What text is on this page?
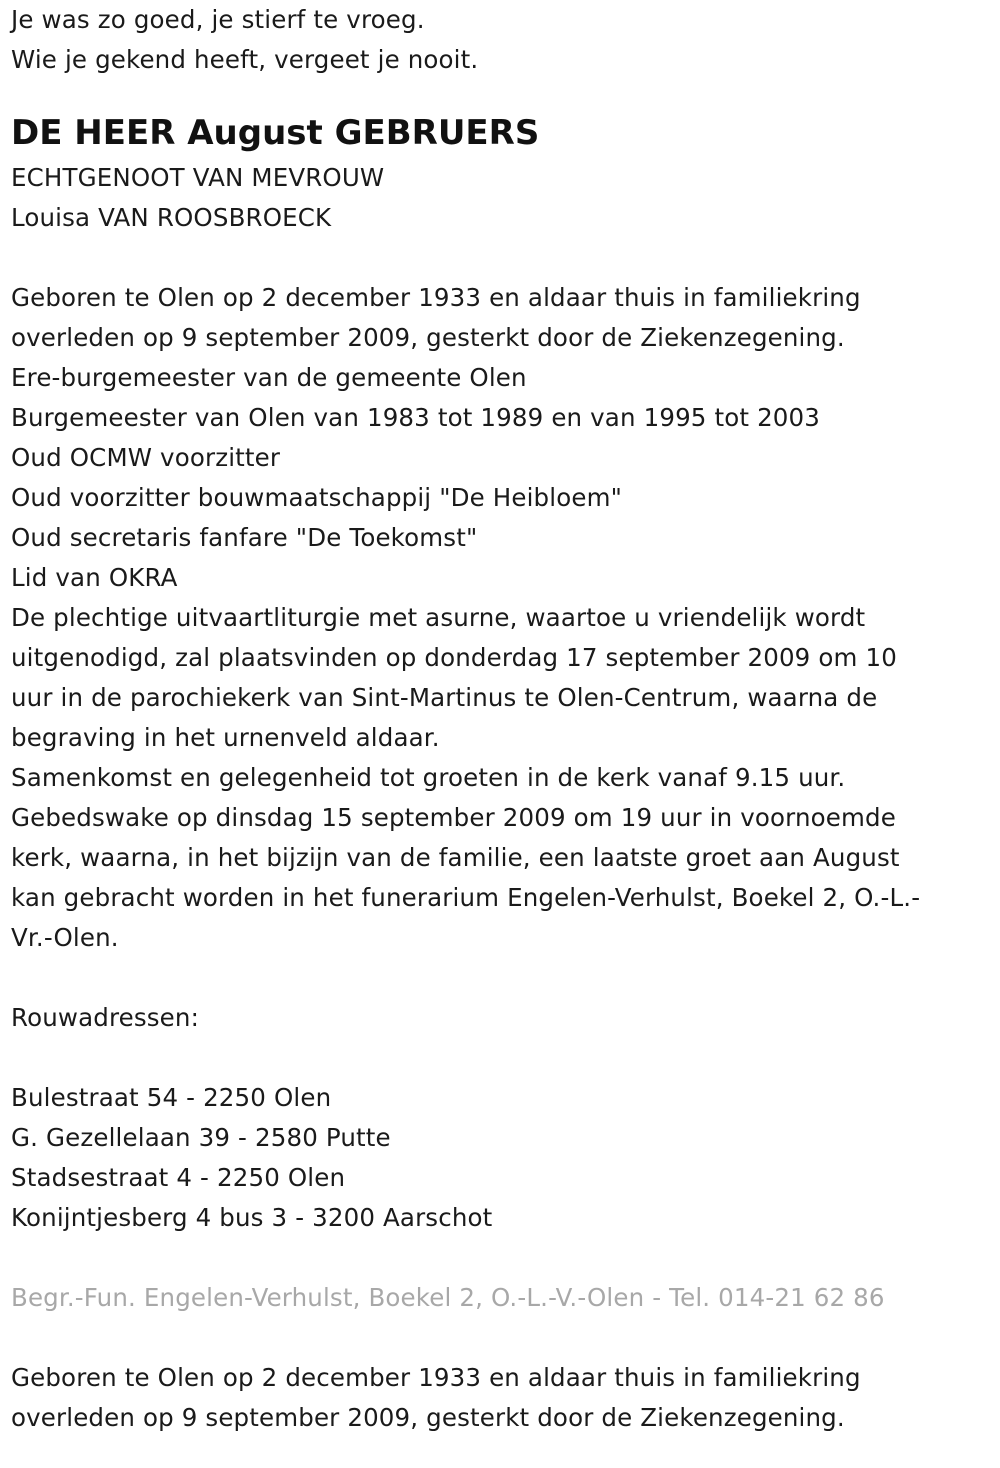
Je was zo goed, je stierf te vroeg.
Wie je gekend heeft, vergeet je nooit.
DE HEER August GEBRUERS
ECHTGENOOT VAN MEVROUW
Louisa VAN ROOSBROECK
Geboren te Olen op 2 december 1933 en aldaar thuis in familiekring
overleden op 9 september 2009, gesterkt door de Ziekenzegening.
Ere-burgemeester van de gemeente Olen
Burgemeester van Olen van 1983 tot 1989 en van 1995 tot 2003
Oud OCMW voorzitter
Oud voorzitter bouwmaatschappij "De Heibloem"
Oud secretaris fanfare "De Toekomst"
Lid van OKRA
De plechtige uitvaartliturgie met asurne, waartoe u vriendelijk wordt
uitgenodigd, zal plaatsvinden op donderdag 17 september 2009 om 10
uur in de parochiekerk van Sint-Martinus te Olen-Centrum, waarna de
begraving in het urnenveld aldaar.
Samenkomst en gelegenheid tot groeten in de kerk vanaf 9.15 uur.
Gebedswake op dinsdag 15 september 2009 om 19 uur in voornoemde
kerk, waarna, in het bijzijn van de familie, een laatste groet aan August
kan gebracht worden in het funerarium Engelen-Verhulst, Boekel 2, O.-L.-
Vr.-Olen.
Rouwadressen:
Bulestraat 54 - 2250 Olen
G. Gezellelaan 39 - 2580 Putte
Stadsestraat 4 - 2250 Olen
Konijntjesberg 4 bus 3 - 3200 Aarschot
Begr.-Fun. Engelen-Verhulst, Boekel 2, O.-L.-V.-Olen - Tel. 014-21 62 86
Geboren te Olen op 2 december 1933 en aldaar thuis in familiekring
overleden op 9 september 2009, gesterkt door de Ziekenzegening.
